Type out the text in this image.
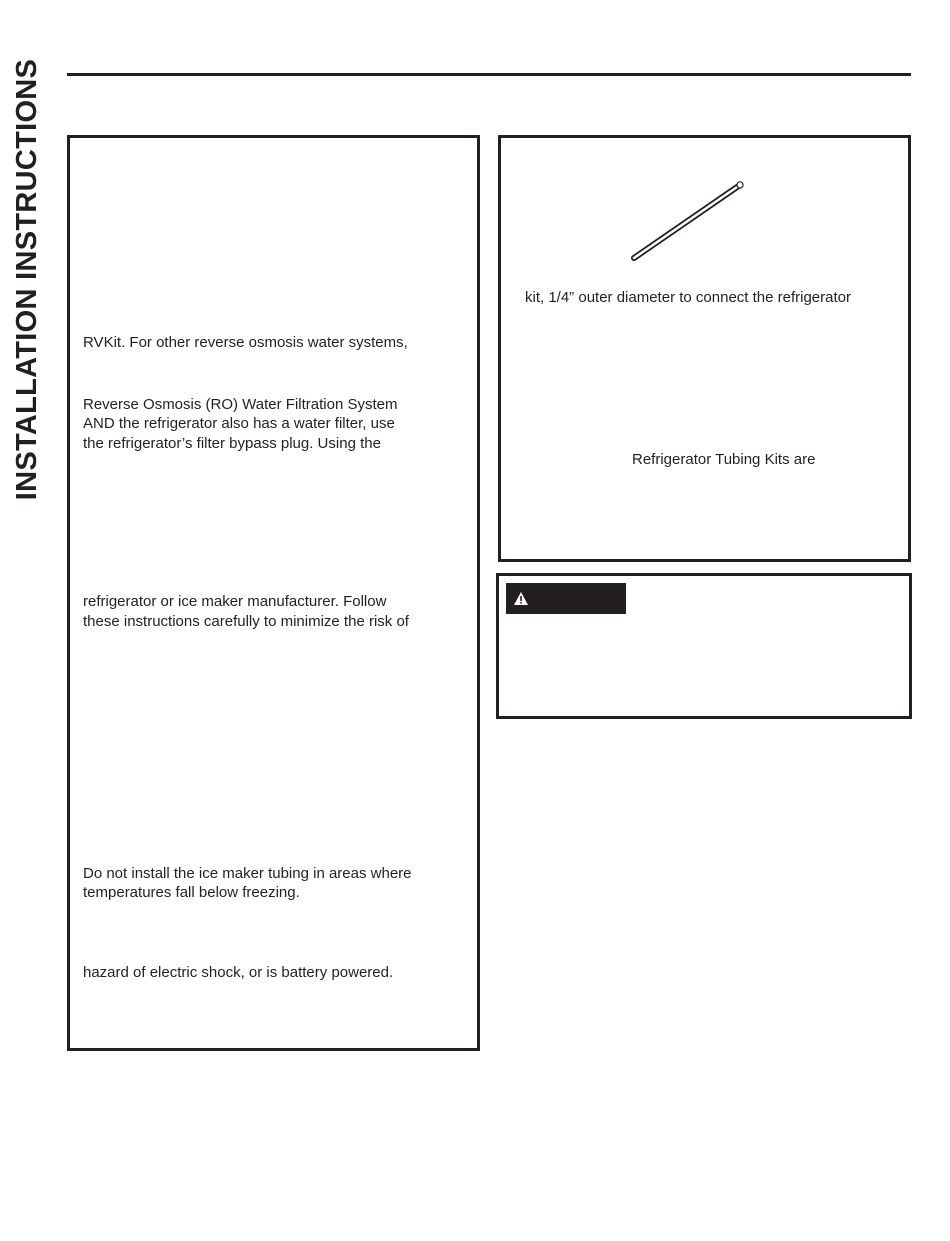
INSTALLATION INSTRUCTIONS	RVKit. For other reverse osmosis water systems,
Reverse Osmosis (RO) Water Filtration System
AND the refrigerator also has a water filter, use
the refrigerator’s filter bypass plug. Using the
refrigerator or ice maker manufacturer. Follow
these instructions carefully to minimize the risk of
Do not install the ice maker tubing in areas where
temperatures fall below freezing.
hazard of electric shock, or is battery powered.
kit, 1/4” outer diameter to connect the refrigerator
Refrigerator Tubing Kits are
